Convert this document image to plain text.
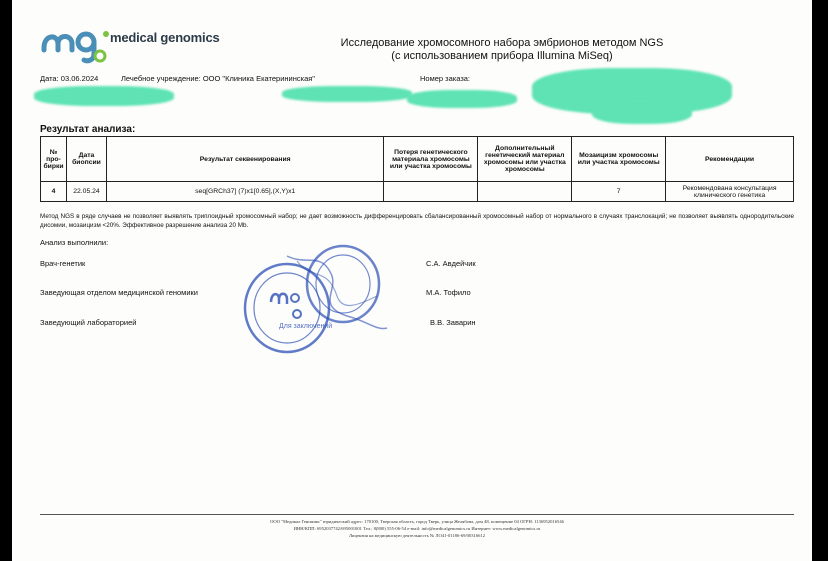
medical genomics	Исследование хромосомного набора эмбрионов методом NGS
(с использованием прибора Illumina MiSeq)
Дата: 03.06.2024	Лечебное учреждение: ООО "Клиника Екатерининская"	Номер заказа:
Результат анализа:
№ про-бирки	Дата биопсии	Результат секвенирования	Потеря генетического материала хромосомы или участка хромосомы	Дополнительный генетический материал хромосомы или участка хромосомы	Мозаицизм хромосомы или участка хромосомы	Рекомендации
4	22.05.24	seq[GRCh37] (7)x1[0.65],(X,Y)x1			7	Рекомендована консультация клинического генетика
Метод NGS в ряде случаев не позволяет выявлять триплоидный хромосомный набор; не дает возможность дифференцировать сбалансированный хромосомный набор от нормального в случаях транслокаций; не позволяет выявлять однородительские дисомии, мозаицизм <20%. Эффективное разрешение анализа 20 Mb.
Анализ выполнили:
Врач-генетик	С.А. Авдейчик
Заведующая отделом медицинской геномики	М.А. Тофило
Заведующий лабораторией	В.В. Заварин
Для заключений
ООО "Медикал Геномикс" юридический адрес: 170100, Тверская область, город Тверь, улица Желябова, дом 48, помещение 04 ОГРН: 1136952016546
ИНН/КПП: 6952037742/695001001 Тел.: 8(800) 555-06-54 e-mail: info@medicalgenomics.ru Интернет: www.medicalgenomics.ru
Лицензия на медицинскую деятельность № ЛО41-01186-69/00316612
